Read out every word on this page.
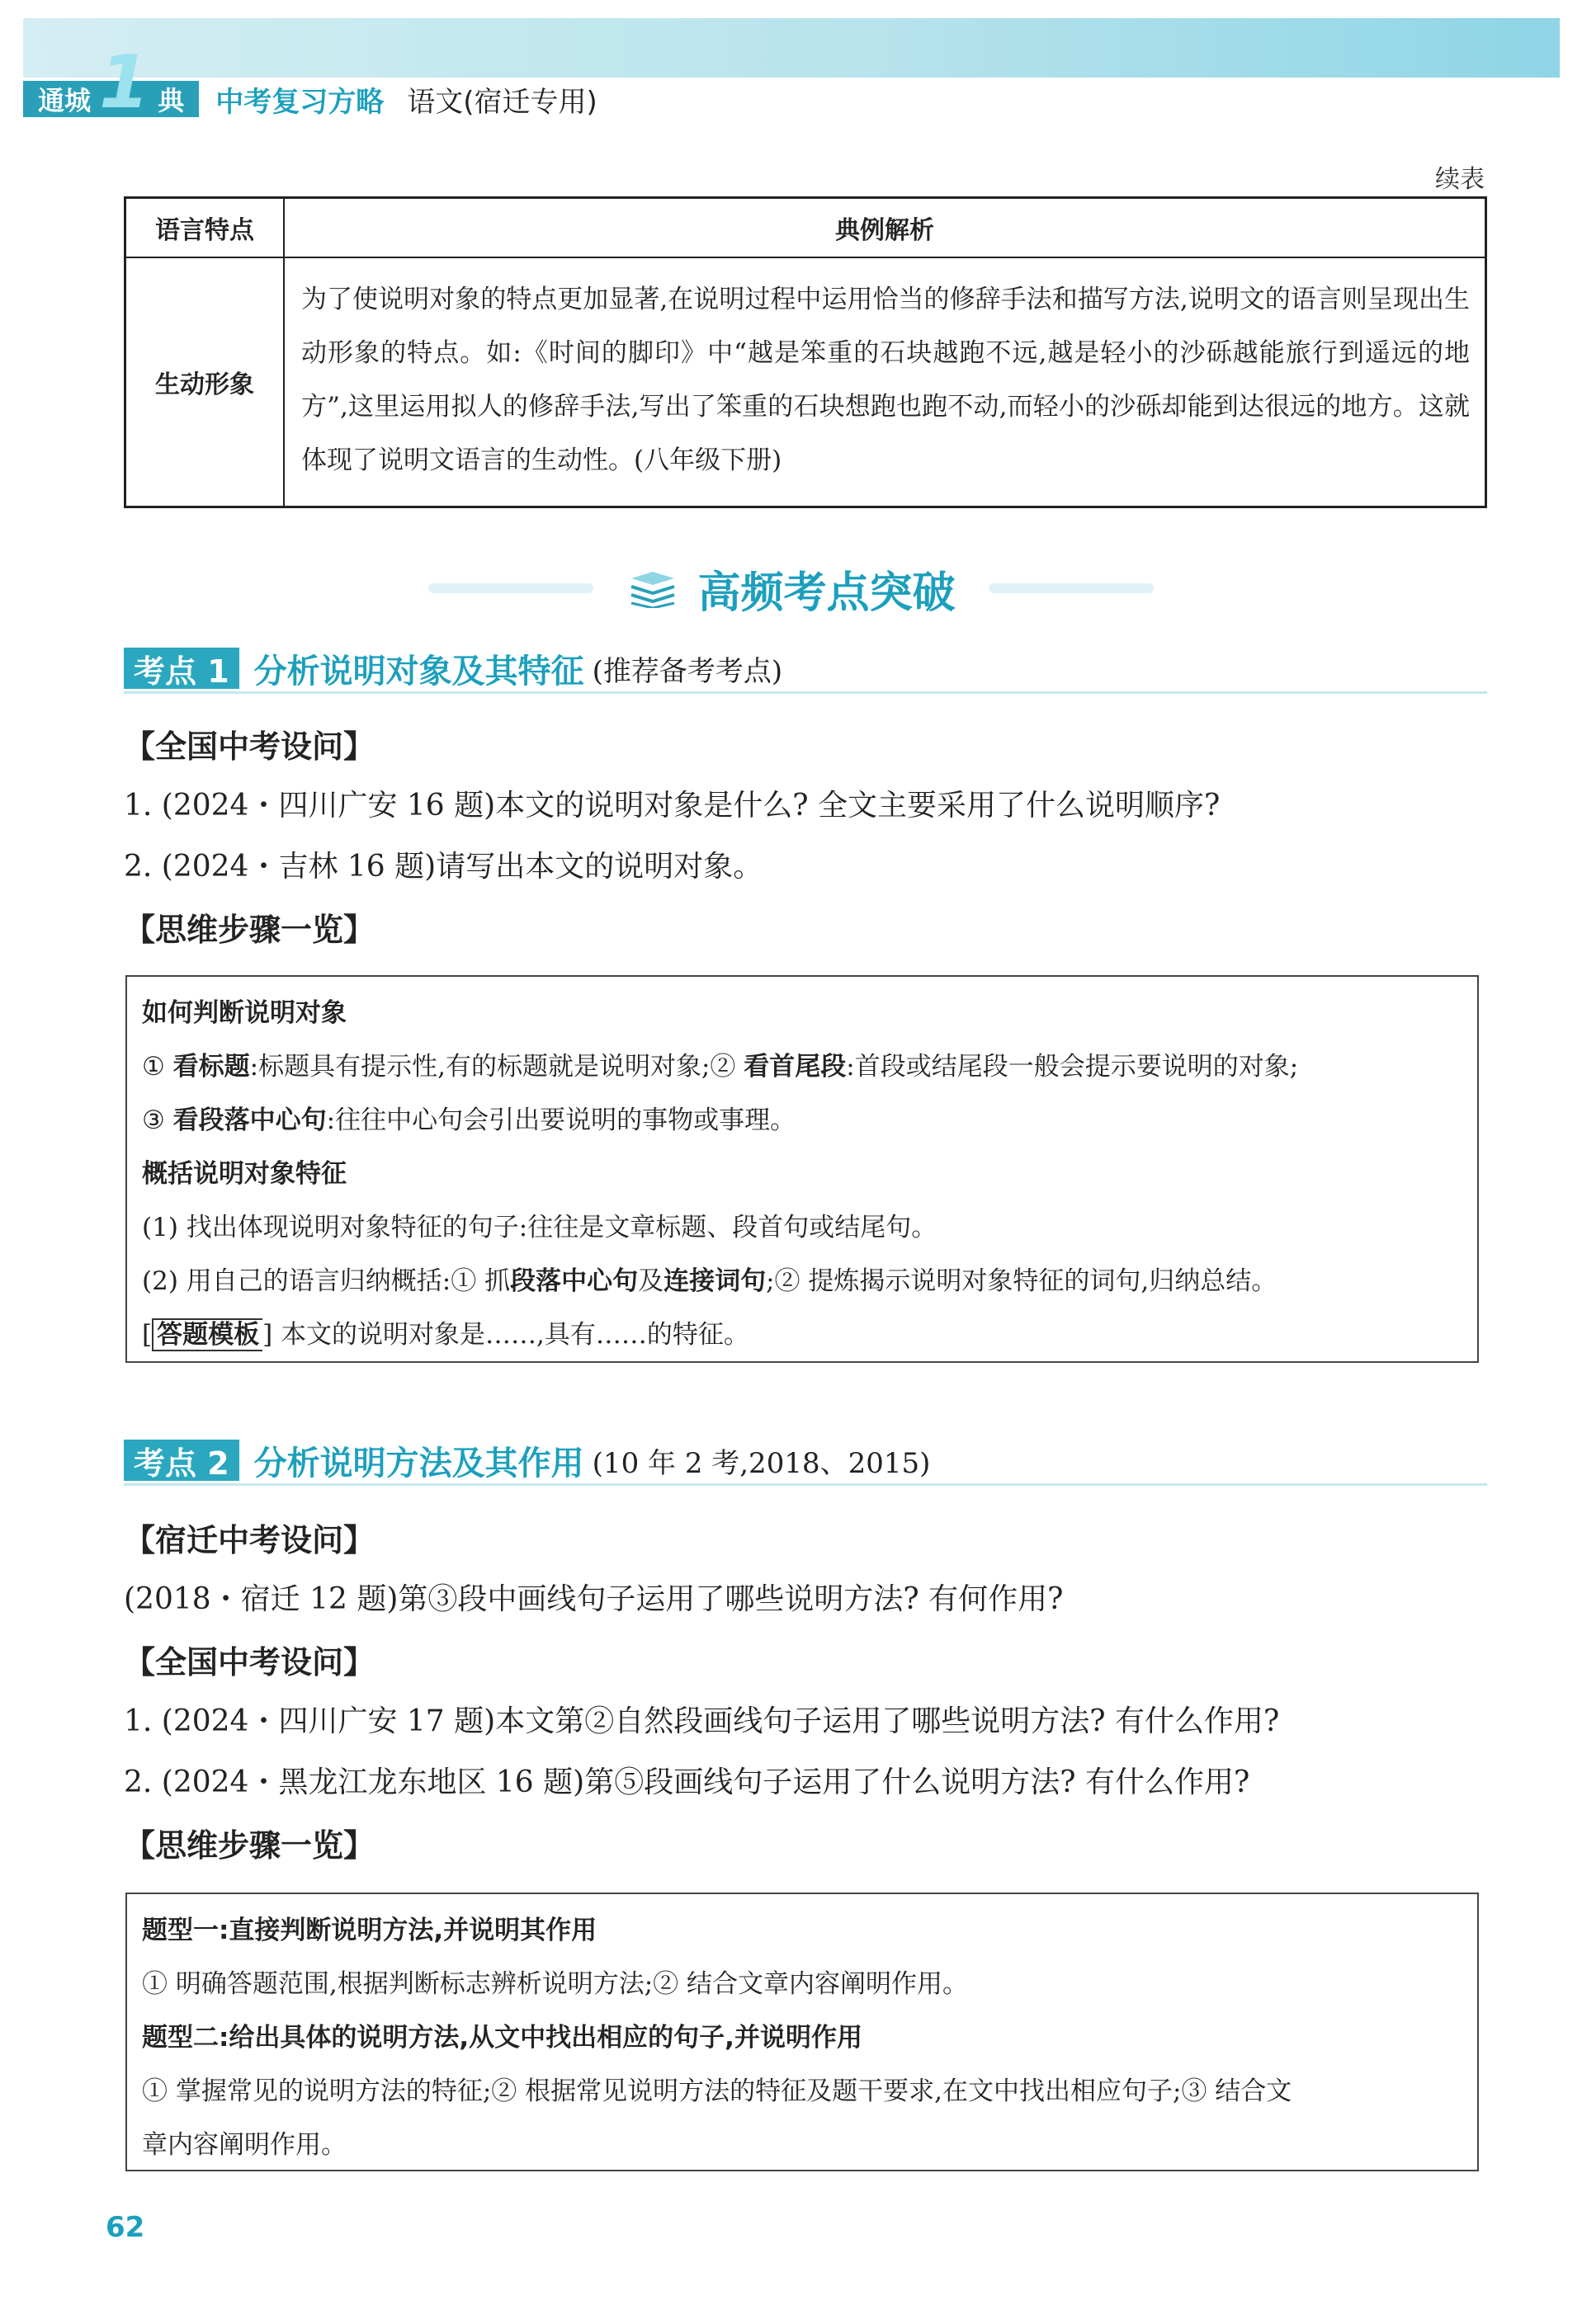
通城 1 典 中考复习方略 语文(宿迁专用)
续表
语言特点	典例解析
生动形象	为了使说明对象的特点更加显著,在说明过程中运用恰当的修辞手法和描写方法,说明文的语言则呈现出生动形象的特点。如:《时间的脚印》中“越是笨重的石块越跑不远,越是轻小的沙砾越能旅行到遥远的地方”,这里运用拟人的修辞手法,写出了笨重的石块想跑也跑不动,而轻小的沙砾却能到达很远的地方。这就体现了说明文语言的生动性。(八年级下册)
高频考点突破
考点 1 分析说明对象及其特征 (推荐备考考点)
【全国中考设问】
1. (2024・四川广安 16 题)本文的说明对象是什么? 全文主要采用了什么说明顺序?
2. (2024・吉林 16 题)请写出本文的说明对象。
【思维步骤一览】
如何判断说明对象
① 看标题:标题具有提示性,有的标题就是说明对象;② 看首尾段:首段或结尾段一般会提示要说明的对象;
③ 看段落中心句:往往中心句会引出要说明的事物或事理。
概括说明对象特征
(1) 找出体现说明对象特征的句子:往往是文章标题、段首句或结尾句。
(2) 用自己的语言归纳概括:① 抓段落中心句及连接词句;② 提炼揭示说明对象特征的词句,归纳总结。
[ 答题模板 ] 本文的说明对象是……,具有……的特征。
考点 2 分析说明方法及其作用 (10 年 2 考,2018、2015)
【宿迁中考设问】
(2018・宿迁 12 题)第③段中画线句子运用了哪些说明方法? 有何作用?
【全国中考设问】
1. (2024・四川广安 17 题)本文第②自然段画线句子运用了哪些说明方法? 有什么作用?
2. (2024・黑龙江龙东地区 16 题)第⑤段画线句子运用了什么说明方法? 有什么作用?
【思维步骤一览】
题型一:直接判断说明方法,并说明其作用
① 明确答题范围,根据判断标志辨析说明方法;② 结合文章内容阐明作用。
题型二:给出具体的说明方法,从文中找出相应的句子,并说明作用
① 掌握常见的说明方法的特征;② 根据常见说明方法的特征及题干要求,在文中找出相应句子;③ 结合文
章内容阐明作用。
62
